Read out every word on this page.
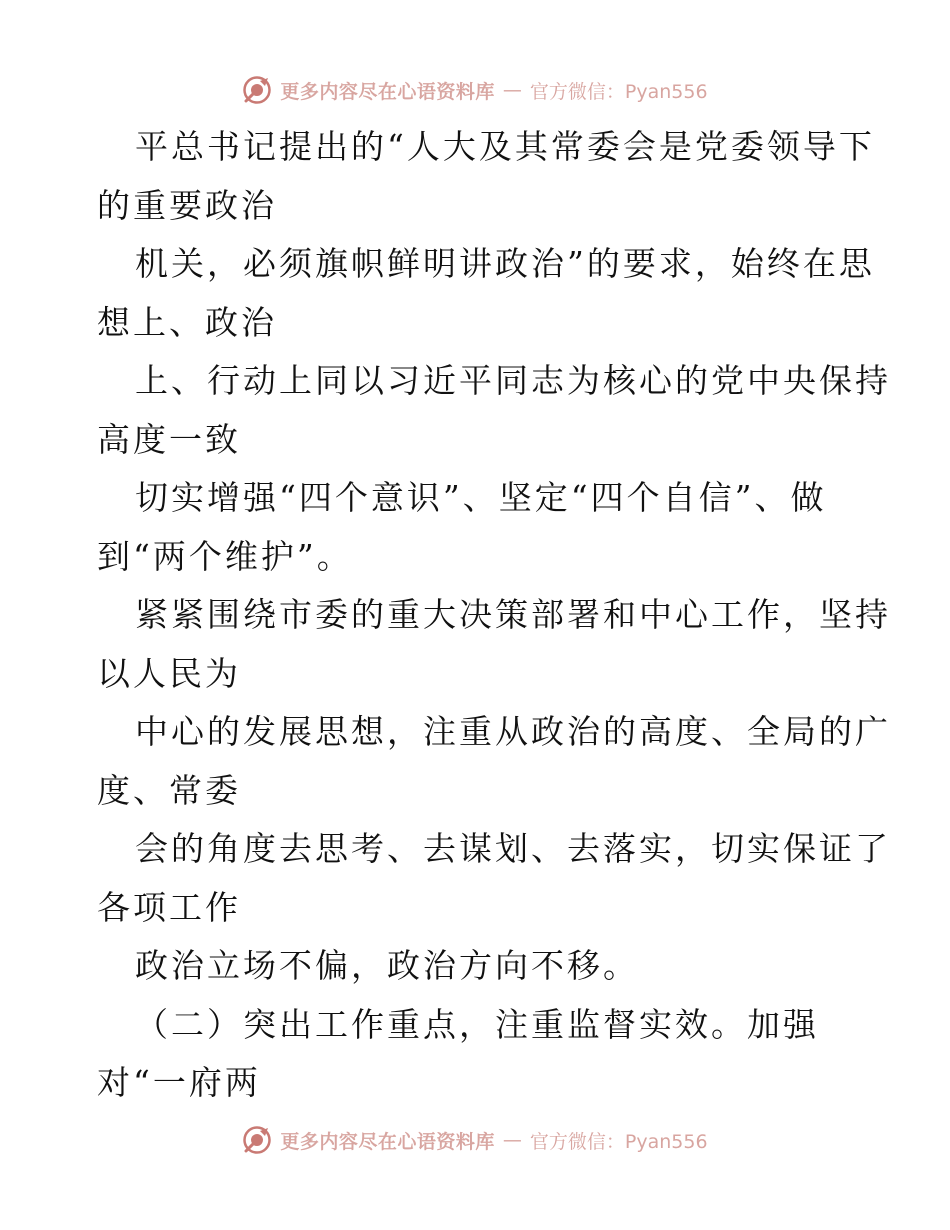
更多内容尽在心语资料库 — 官方微信：Pyan556
平总书记提出的“人大及其常委会是党委领导下
的重要政治
机关，必须旗帜鲜明讲政治”的要求，始终在思
想上、政治
上、行动上同以习近平同志为核心的党中央保持
高度一致
切实增强“四个意识”、坚定“四个自信”、做
到“两个维护”。
紧紧围绕市委的重大决策部署和中心工作，坚持
以人民为
中心的发展思想，注重从政治的高度、全局的广
度、常委
会的角度去思考、去谋划、去落实，切实保证了
各项工作
政治立场不偏，政治方向不移。
（二）突出工作重点，注重监督实效。加强
对“一府两
更多内容尽在心语资料库 — 官方微信：Pyan556
